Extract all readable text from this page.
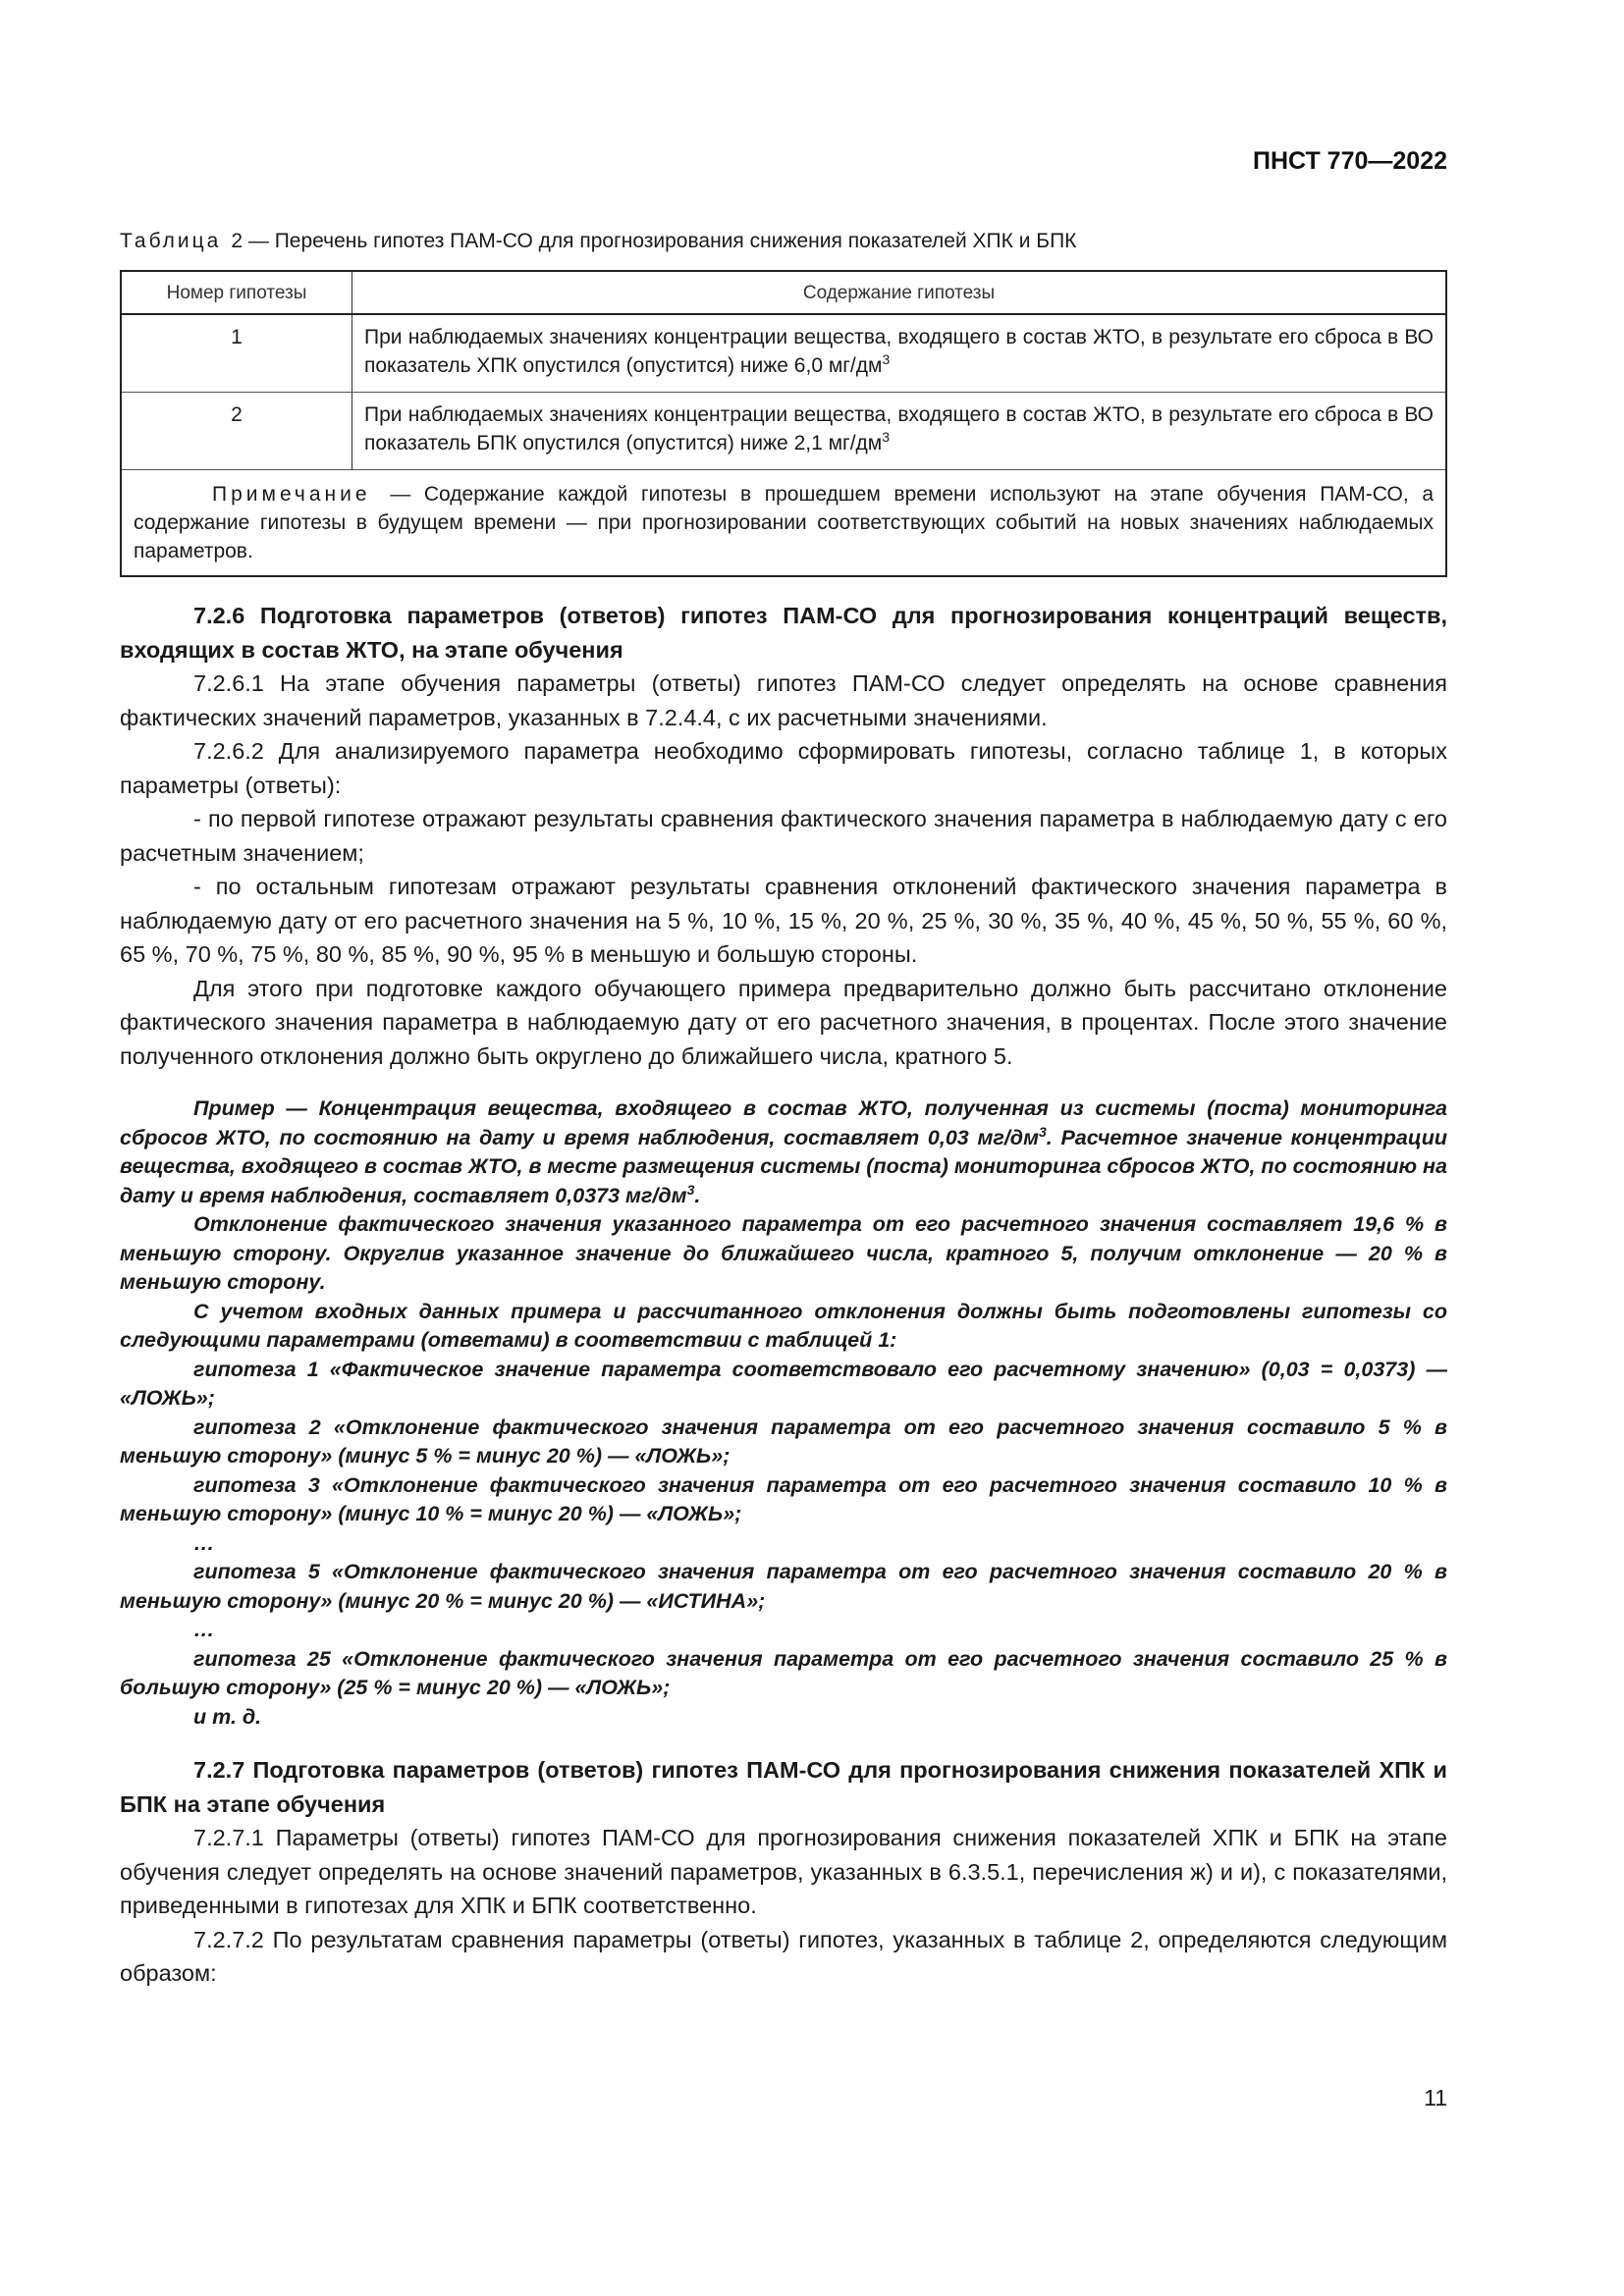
ПНСТ 770—2022
Таблица 2 — Перечень гипотез ПАМ-СО для прогнозирования снижения показателей ХПК и БПК
Номер гипотезы	Содержание гипотезы
1	При наблюдаемых значениях концентрации вещества, входящего в состав ЖТО, в результате его сброса в ВО показатель ХПК опустился (опустится) ниже 6,0 $мг/дм^3$
2	При наблюдаемых значениях концентрации вещества, входящего в состав ЖТО, в результате его сброса в ВО показатель БПК опустился (опустится) ниже 2,1 $мг/дм^3$
Примечание — Содержание каждой гипотезы в прошедшем времени используют на этапе обучения ПАМ-СО, а содержание гипотезы в будущем времени — при прогнозировании соответствующих событий на новых значениях наблюдаемых параметров.	

7.2.6 Подготовка параметров (ответов) гипотез ПАМ-СО для прогнозирования концентраций веществ, входящих в состав ЖТО, на этапе обучения

7.2.6.1 На этапе обучения параметры (ответы) гипотез ПАМ-СО следует определять на основе сравнения фактических значений параметров, указанных в 7.2.4.4, с их расчетными значениями.

7.2.6.2 Для анализируемого параметра необходимо сформировать гипотезы, согласно таблице 1, в которых параметры (ответы):

- по первой гипотезе отражают результаты сравнения фактического значения параметра в наблюдаемую дату с его расчетным значением;

- по остальным гипотезам отражают результаты сравнения отклонений фактического значения параметра в наблюдаемую дату от его расчетного значения на 5 %, 10 %, 15 %, 20 %, 25 %, 30 %, 35 %, 40 %, 45 %, 50 %, 55 %, 60 %, 65 %, 70 %, 75 %, 80 %, 85 %, 90 %, 95 % в меньшую и большую стороны.

Для этого при подготовке каждого обучающего примера предварительно должно быть рассчитано отклонение фактического значения параметра в наблюдаемую дату от его расчетного значения, в процентах. После этого значение полученного отклонения должно быть округлено до ближайшего числа, кратного 5.

Пример — Концентрация вещества, входящего в состав ЖТО, полученная из системы (поста) мониторинга сбросов ЖТО, по состоянию на дату и время наблюдения, составляет 0,03 $мг/дм^3$. Расчетное значение концентрации вещества, входящего в состав ЖТО, в месте размещения системы (поста) мониторинга сбросов ЖТО, по состоянию на дату и время наблюдения, составляет 0,0373 $мг/дм^3$.

Отклонение фактического значения указанного параметра от его расчетного значения составляет 19,6 % в меньшую сторону. Округлив указанное значение до ближайшего числа, кратного 5, получим отклонение — 20 % в меньшую сторону.

С учетом входных данных примера и рассчитанного отклонения должны быть подготовлены гипотезы со следующими параметрами (ответами) в соответствии с таблицей 1:

гипотеза 1 «Фактическое значение параметра соответствовало его расчетному значению» (0,03 = 0,0373) — «ЛОЖЬ»;

гипотеза 2 «Отклонение фактического значения параметра от его расчетного значения составило 5 % в меньшую сторону» (минус 5 % = минус 20 %) — «ЛОЖЬ»;

гипотеза 3 «Отклонение фактического значения параметра от его расчетного значения составило 10 % в меньшую сторону» (минус 10 % = минус 20 %) — «ЛОЖЬ»;

…

гипотеза 5 «Отклонение фактического значения параметра от его расчетного значения составило 20 % в меньшую сторону» (минус 20 % = минус 20 %) — «ИСТИНА»;

…

гипотеза 25 «Отклонение фактического значения параметра от его расчетного значения составило 25 % в большую сторону» (25 % = минус 20 %) — «ЛОЖЬ»;

и т. д.

7.2.7 Подготовка параметров (ответов) гипотез ПАМ-СО для прогнозирования снижения показателей ХПК и БПК на этапе обучения

7.2.7.1 Параметры (ответы) гипотез ПАМ-СО для прогнозирования снижения показателей ХПК и БПК на этапе обучения следует определять на основе значений параметров, указанных в 6.3.5.1, перечисления ж) и и), с показателями, приведенными в гипотезах для ХПК и БПК соответственно.

7.2.7.2 По результатам сравнения параметры (ответы) гипотез, указанных в таблице 2, определяются следующим образом:

11
